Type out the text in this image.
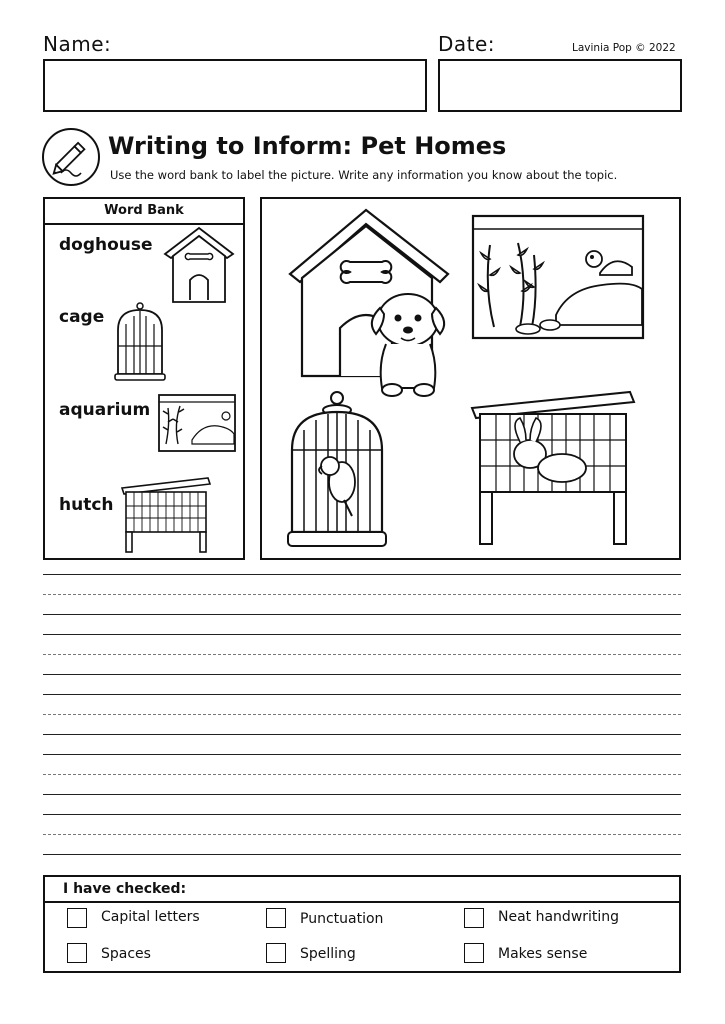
Name:	Date:	Lavinia Pop © 2022
Writing to Inform: Pet Homes
Use the word bank to label the picture. Write any information you know about the topic.
Word Bank
doghouse
cage
aquarium
hutch
I have checked:
Capital letters	Punctuation	Neat handwriting
Spaces	Spelling	Makes sense
